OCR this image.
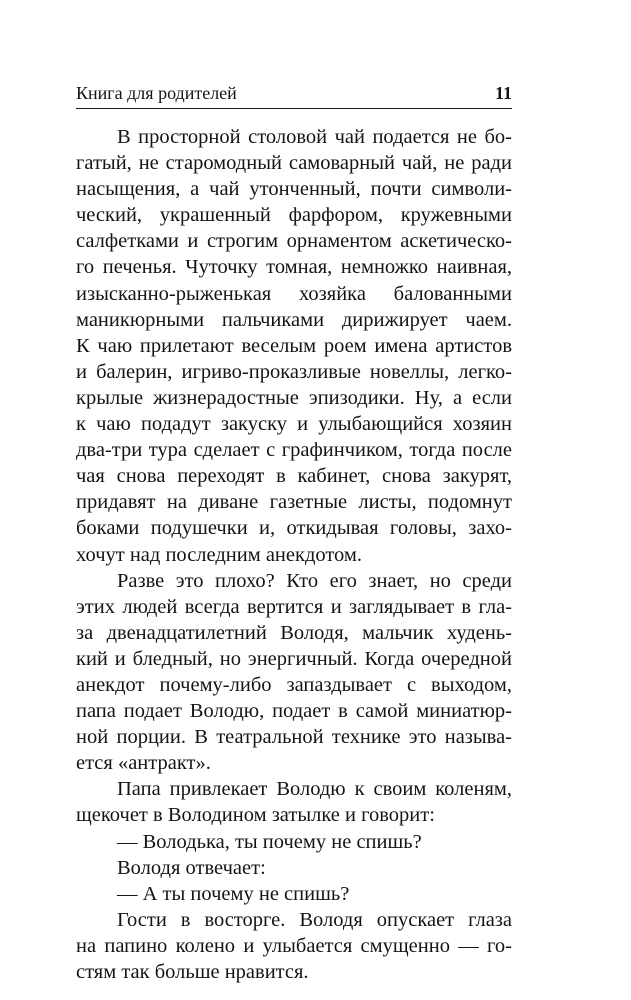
Книга для родителей	11
В просторной столовой чай подается не бо-
гатый, не старомодный самоварный чай, не ради
насыщения, а чай утонченный, почти символи-
ческий, украшенный фарфором, кружевными
салфетками и строгим орнаментом аскетическо-
го печенья. Чуточку томная, немножко наивная,
изысканно-рыженькая хозяйка балованными
маникюрными пальчиками дирижирует чаем.
К чаю прилетают веселым роем имена артистов
и балерин, игриво-проказливые новеллы, легко-
крылые жизнерадостные эпизодики. Ну, а если
к чаю подадут закуску и улыбающийся хозяин
два-три тура сделает с графинчиком, тогда после
чая снова переходят в кабинет, снова закурят,
придавят на диване газетные листы, подомнут
боками подушечки и, откидывая головы, захо-
хочут над последним анекдотом.
Разве это плохо? Кто его знает, но среди
этих людей всегда вертится и заглядывает в гла-
за двенадцатилетний Володя, мальчик худень-
кий и бледный, но энергичный. Когда очередной
анекдот почему-либо запаздывает с выходом,
папа подает Володю, подает в самой миниатюр-
ной порции. В театральной технике это называ-
ется «антракт».
Папа привлекает Володю к своим коленям,
щекочет в Володином затылке и говорит:
— Володька, ты почему не спишь?
Володя отвечает:
— А ты почему не спишь?
Гости в восторге. Володя опускает глаза
на папино колено и улыбается смущенно — го-
стям так больше нравится.
